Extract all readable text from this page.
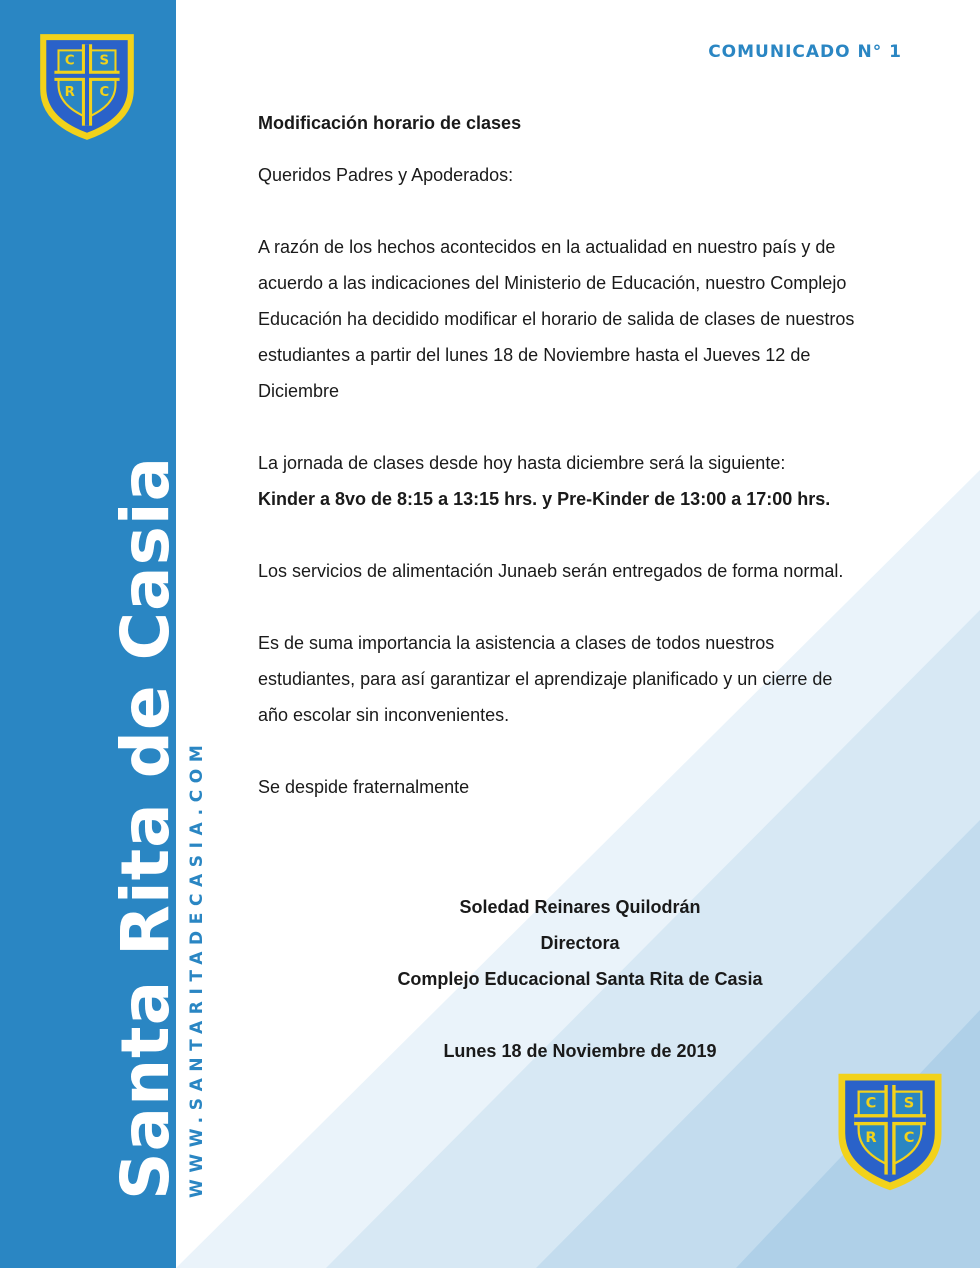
C S
R C
Santa Rita de Casia WWW.SANTARITADECASIA.COM
COMUNICADO N° 1

Modificación horario de clases

Queridos Padres y Apoderados:

A razón de los hechos acontecidos en la actualidad en nuestro país y de

acuerdo a las indicaciones del Ministerio de Educación, nuestro Complejo

Educación ha decidido modificar el horario de salida de clases de nuestros

estudiantes a partir del lunes 18 de Noviembre hasta el Jueves 12 de

Diciembre

La jornada de clases desde hoy hasta diciembre será la siguiente:

Kinder a 8vo de 8:15 a 13:15 hrs. y Pre-Kinder de 13:00 a 17:00 hrs.

Los servicios de alimentación Junaeb serán entregados de forma normal.

Es de suma importancia la asistencia a clases de todos nuestros

estudiantes, para así garantizar el aprendizaje planificado y un cierre de

año escolar sin inconvenientes.

Se despide fraternalmente

Soledad Reinares Quilodrán

Directora

Complejo Educacional Santa Rita de Casia

Lunes 18 de Noviembre de 2019

C S
R C
